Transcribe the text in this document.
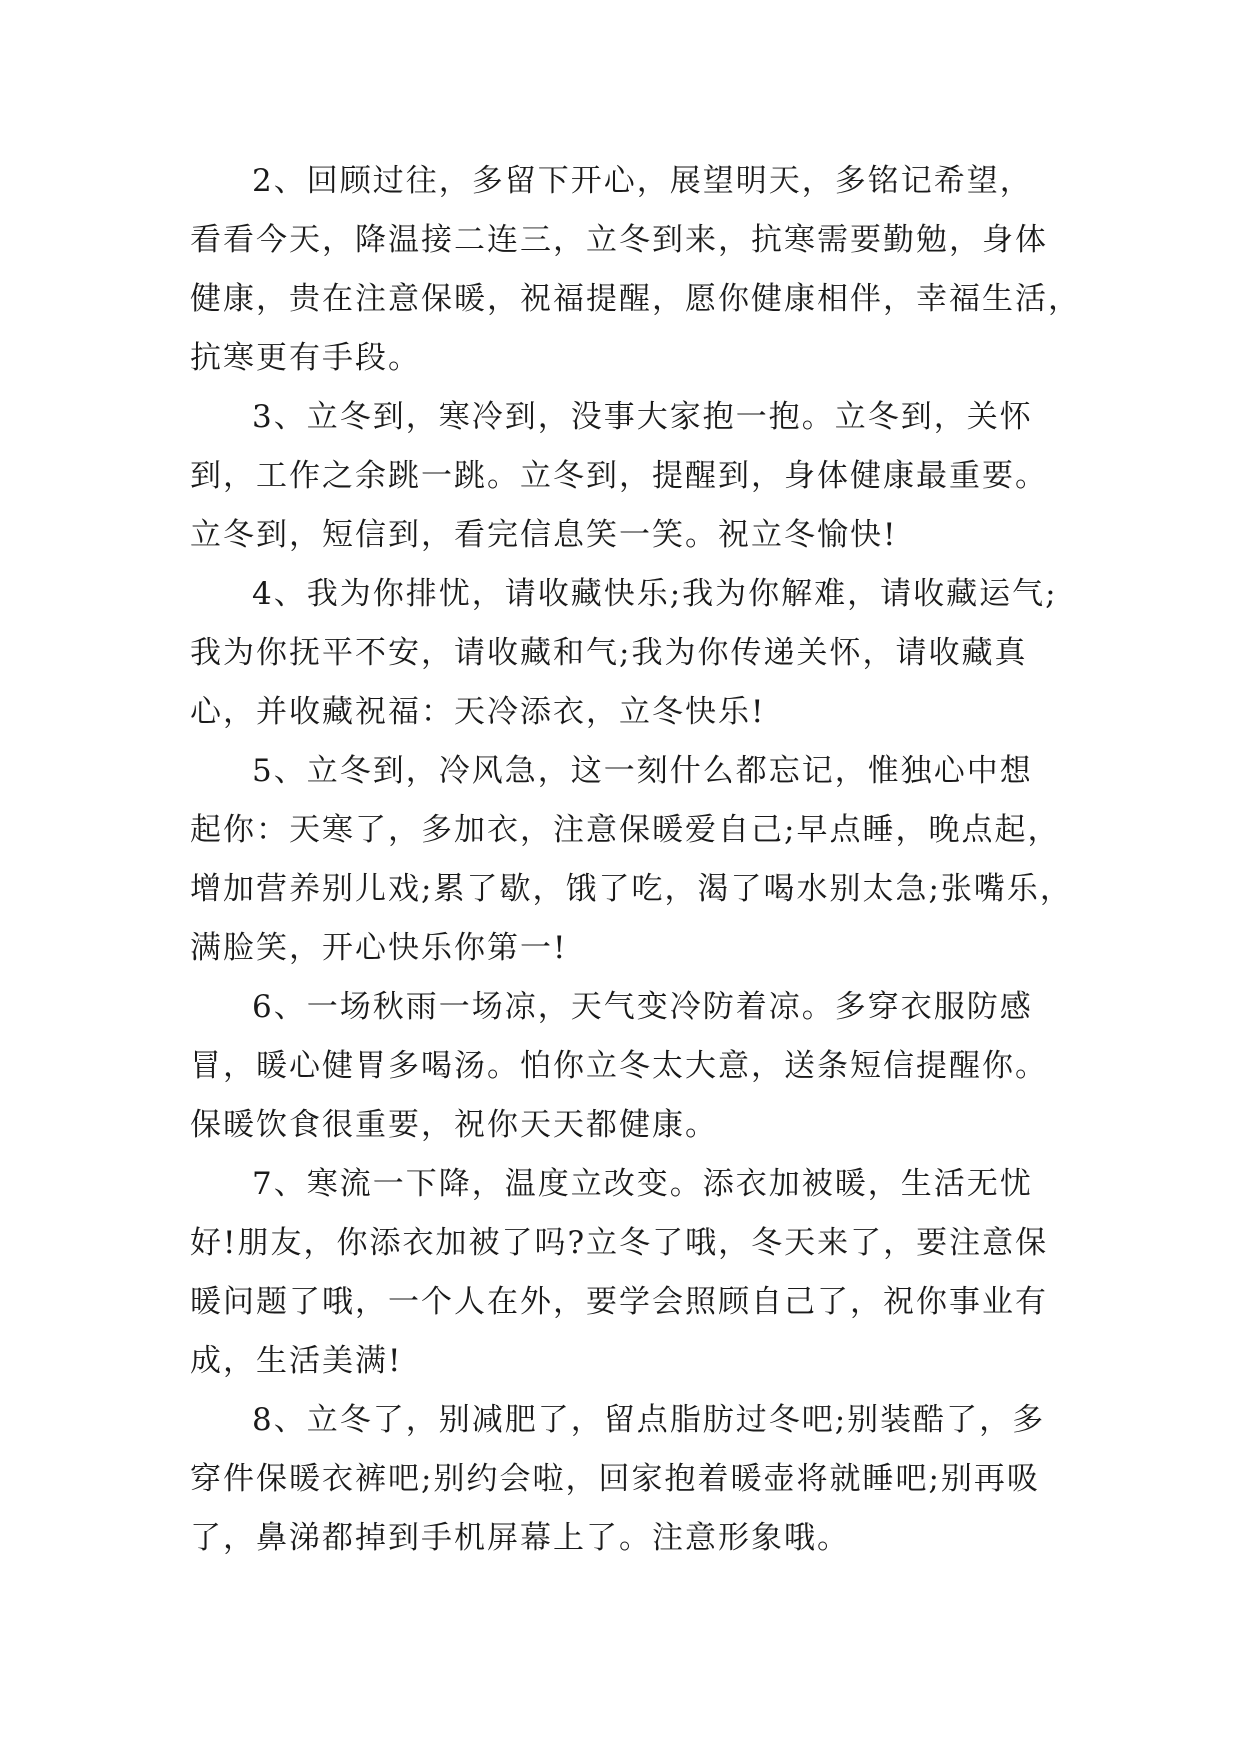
2、回顾过往，多留下开心，展望明天，多铭记希望，
看看今天，降温接二连三，立冬到来，抗寒需要勤勉，身体
健康，贵在注意保暖，祝福提醒，愿你健康相伴，幸福生活，
抗寒更有手段。
3、立冬到，寒冷到，没事大家抱一抱。立冬到，关怀
到，工作之余跳一跳。立冬到，提醒到，身体健康最重要。
立冬到，短信到，看完信息笑一笑。祝立冬愉快!
4、我为你排忧，请收藏快乐;我为你解难，请收藏运气;
我为你抚平不安，请收藏和气;我为你传递关怀，请收藏真
心，并收藏祝福：天冷添衣，立冬快乐!
5、立冬到，冷风急，这一刻什么都忘记，惟独心中想
起你：天寒了，多加衣，注意保暖爱自己;早点睡，晚点起，
增加营养别儿戏;累了歇，饿了吃，渴了喝水别太急;张嘴乐，
满脸笑，开心快乐你第一!
6、一场秋雨一场凉，天气变冷防着凉。多穿衣服防感
冒，暖心健胃多喝汤。怕你立冬太大意，送条短信提醒你。
保暖饮食很重要，祝你天天都健康。
7、寒流一下降，温度立改变。添衣加被暖，生活无忧
好!朋友，你添衣加被了吗?立冬了哦，冬天来了，要注意保
暖问题了哦，一个人在外，要学会照顾自己了，祝你事业有
成，生活美满!
8、立冬了，别减肥了，留点脂肪过冬吧;别装酷了，多
穿件保暖衣裤吧;别约会啦，回家抱着暖壶将就睡吧;别再吸
了，鼻涕都掉到手机屏幕上了。注意形象哦。
